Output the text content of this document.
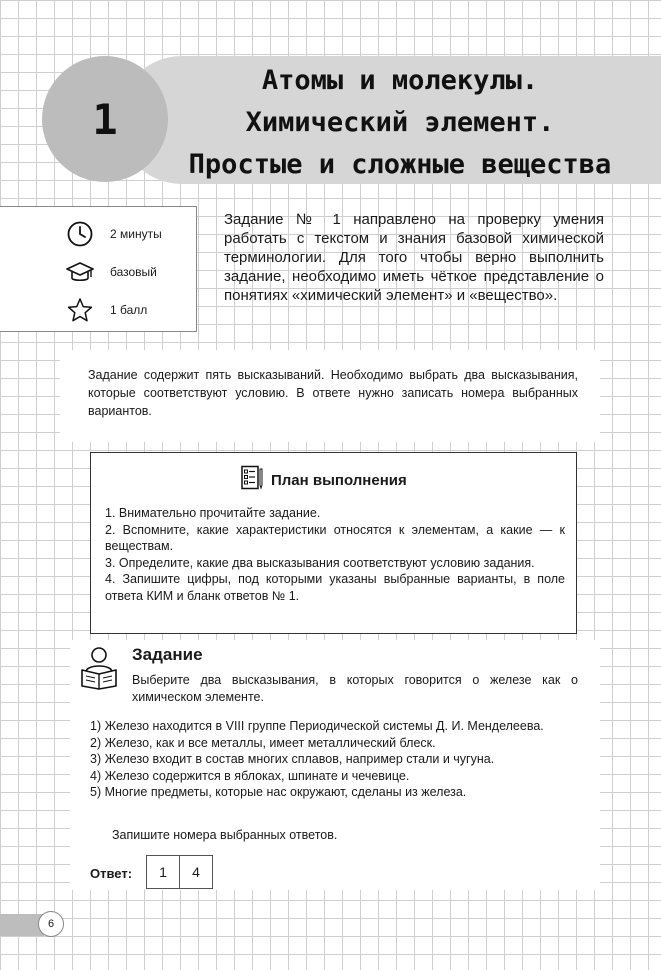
1
Атомы и молекулы.
Химический элемент.
Простые и сложные вещества
2 минуты
базовый
1 балл

Задание № 1 направлено на проверку умения работать с текстом и знания базовой химической терминологии. Для того чтобы верно выполнить задание, необходимо иметь чёткое представление о понятиях «химический элемент» и «вещество».

Задание содержит пять высказываний. Необходимо выбрать два высказывания, которые соответствуют условию. В ответе нужно записать номера выбранных вариантов.

План выполнения
1. Внимательно прочитайте задание.
2. Вспомните, какие характеристики относятся к элементам, а какие — к веществам.
3. Определите, какие два высказывания соответствуют условию задания.
4. Запишите цифры, под которыми указаны выбранные варианты, в поле ответа КИМ и бланк ответов № 1.
Задание

Выберите два высказывания, в которых говорится о железе как о химическом элементе.

1) Железо находится в VIII группе Периодической системы Д. И. Менделеева.
2) Железо, как и все металлы, имеет металлический блеск.
3) Железо входит в состав многих сплавов, например стали и чугуна.
4) Железо содержится в яблоках, шпинате и чечевице.
5) Многие предметы, которые нас окружают, сделаны из железа.
Запишите номера выбранных ответов.
Ответ:	1	4
6
